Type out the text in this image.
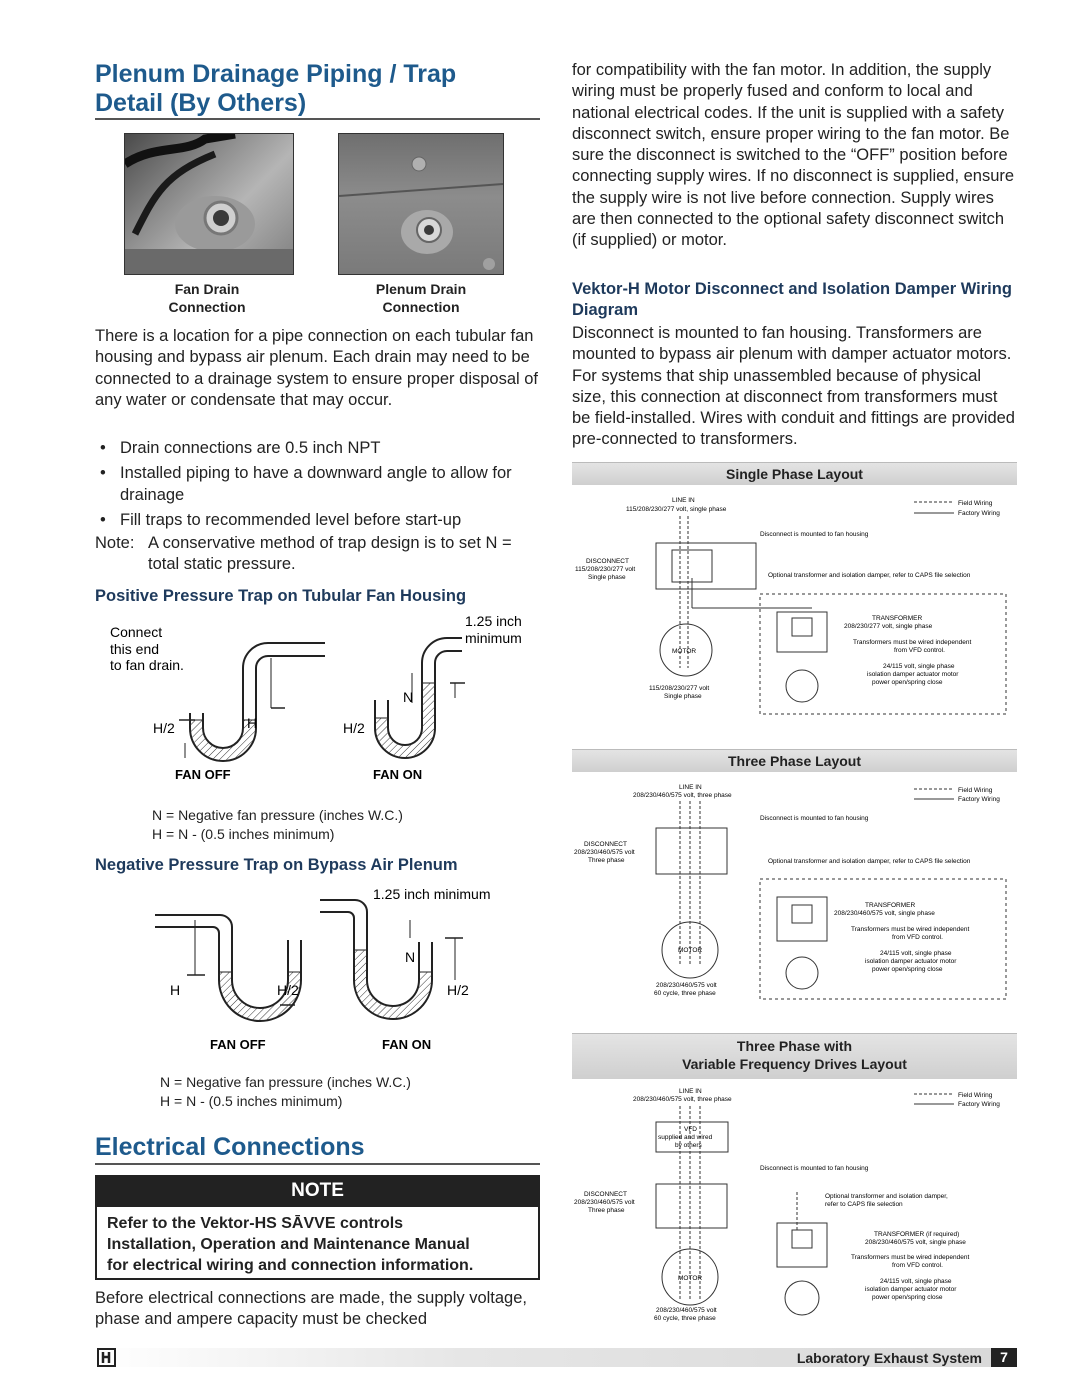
Plenum Drainage Piping / Trap
Detail (By Others)
Fan Drain
Connection
Plenum Drain
Connection
There is a location for a pipe connection on each tubular fan housing and bypass air plenum. Each drain may need to be connected to a drainage system to ensure proper disposal of any water or condensate that may occur.
• Drain connections are 0.5 inch NPT
• Installed piping to have a downward angle to allow for drainage
• Fill traps to recommended level before start-up
Note: A conservative method of trap design is to set N = total static pressure.
Positive Pressure Trap on Tubular Fan Housing
Connect
this end
to fan drain.
1.25 inch
minimum
H/2	H
FAN OFF
N
H/2
FAN ON
N = Negative fan pressure (inches W.C.)
H = N - (0.5 inches minimum)
Negative Pressure Trap on Bypass Air Plenum
1.25 inch minimum
H	H/2
FAN OFF
N
H/2
FAN ON
N = Negative fan pressure (inches W.C.)
H = N - (0.5 inches minimum)
Electrical Connections
NOTE
Refer to the Vektor-HS SĀVVE controls
Installation, Operation and Maintenance Manual
for electrical wiring and connection information.
Before electrical connections are made, the supply voltage, phase and ampere capacity must be checked
for compatibility with the fan motor. In addition, the supply wiring must be properly fused and conform to local and national electrical codes. If the unit is supplied with a safety disconnect switch, ensure proper wiring to the fan motor. Be sure the disconnect is switched to the “OFF” position before connecting supply wires. If no disconnect is supplied, ensure the supply wire is not live before connection. Supply wires are then connected to the optional safety disconnect switch (if supplied) or motor.
Vektor-H Motor Disconnect and Isolation Damper Wiring Diagram
Disconnect is mounted to fan housing. Transformers are mounted to bypass air plenum with damper actuator motors. For systems that ship unassembled because of physical size, this connection at disconnect from transformers must be field-installed. Wires with conduit and fittings are provided pre-connected to transformers.
Single Phase Layout
LINE IN
115/208/230/277 volt, single phase
Field Wiring
Factory Wiring
Disconnect is mounted to fan housing
DISCONNECT
115/208/230/277 volt
Single phase	Optional transformer and isolation damper, refer to CAPS file selection
MOTOR
TRANSFORMER
208/230/277 volt, single phase
Transformers must be wired independent
from VFD control.
24/115 volt, single phase
isolation damper actuator motor
power open/spring close
115/208/230/277 volt
Single phase
Three Phase Layout
LINE IN
208/230/460/575 volt, three phase
Field Wiring
Factory Wiring
Disconnect is mounted to fan housing
DISCONNECT
208/230/460/575 volt
Three phase	Optional transformer and isolation damper, refer to CAPS file selection
MOTOR
TRANSFORMER
208/230/460/575 volt, single phase
Transformers must be wired independent
from VFD control.
24/115 volt, single phase
isolation damper actuator motor
power open/spring close
208/230/460/575 volt
60 cycle, three phase
Three Phase with
Variable Frequency Drives Layout
LINE IN
208/230/460/575 volt, three phase
Field Wiring
Factory Wiring
VFD
supplied and wired
by others
Disconnect is mounted to fan housing
DISCONNECT
208/230/460/575 volt
Three phase
Optional transformer and isolation damper,
refer to CAPS file selection
MOTOR
TRANSFORMER (if required)
208/230/460/575 volt, single phase
Transformers must be wired independent
from VFD control.
24/115 volt, single phase
isolation damper actuator motor
power open/spring close
208/230/460/575 volt
60 cycle, three phase
Laboratory Exhaust System	7
